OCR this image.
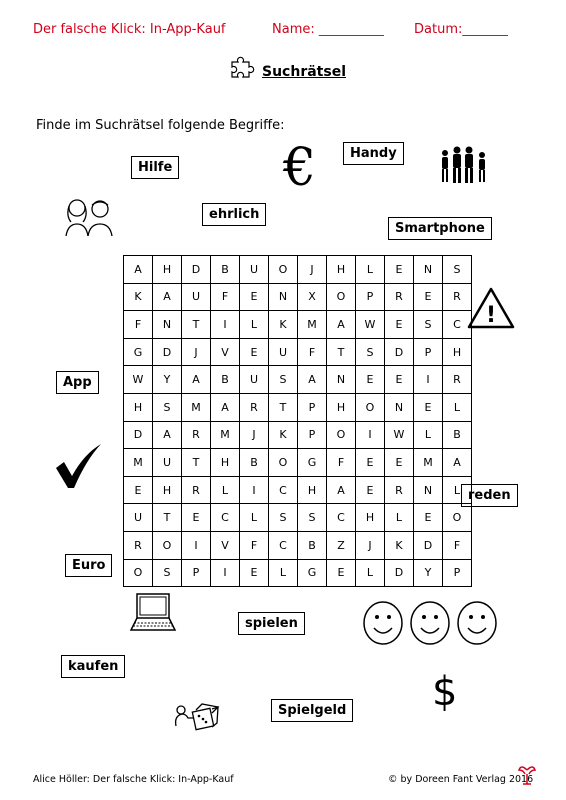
Der falsche Klick: In-App-Kauf	Name: __________ Datum:_______
Suchrätsel
Finde im Suchrätsel folgende Begriffe:
Hilfe
Handy
ehrlich
Smartphone
App
reden
Euro
spielen
kaufen
Spielgeld
€
A	H	D	B	U	O	J	H	L	E	N	S
K	A	U	F	E	N	X	O	P	R	E	R
F	N	T	I	L	K	M	A	W	E	S	C
G	D	J	V	E	U	F	T	S	D	P	H
W	Y	A	B	U	S	A	N	E	E	I	R
H	S	M	A	R	T	P	H	O	N	E	L
D	A	R	M	J	K	P	O	I	W	L	B
M	U	T	H	B	O	G	F	E	E	M	A
E	H	R	L	I	C	H	A	E	R	N	L
U	T	E	C	L	S	S	C	H	L	E	O
R	O	I	V	F	C	B	Z	J	K	D	F
O	S	P	I	E	L	G	E	L	D	Y	P
!
$
Alice Höller: Der falsche Klick: In-App-Kauf	© by Doreen Fant Verlag 2016
